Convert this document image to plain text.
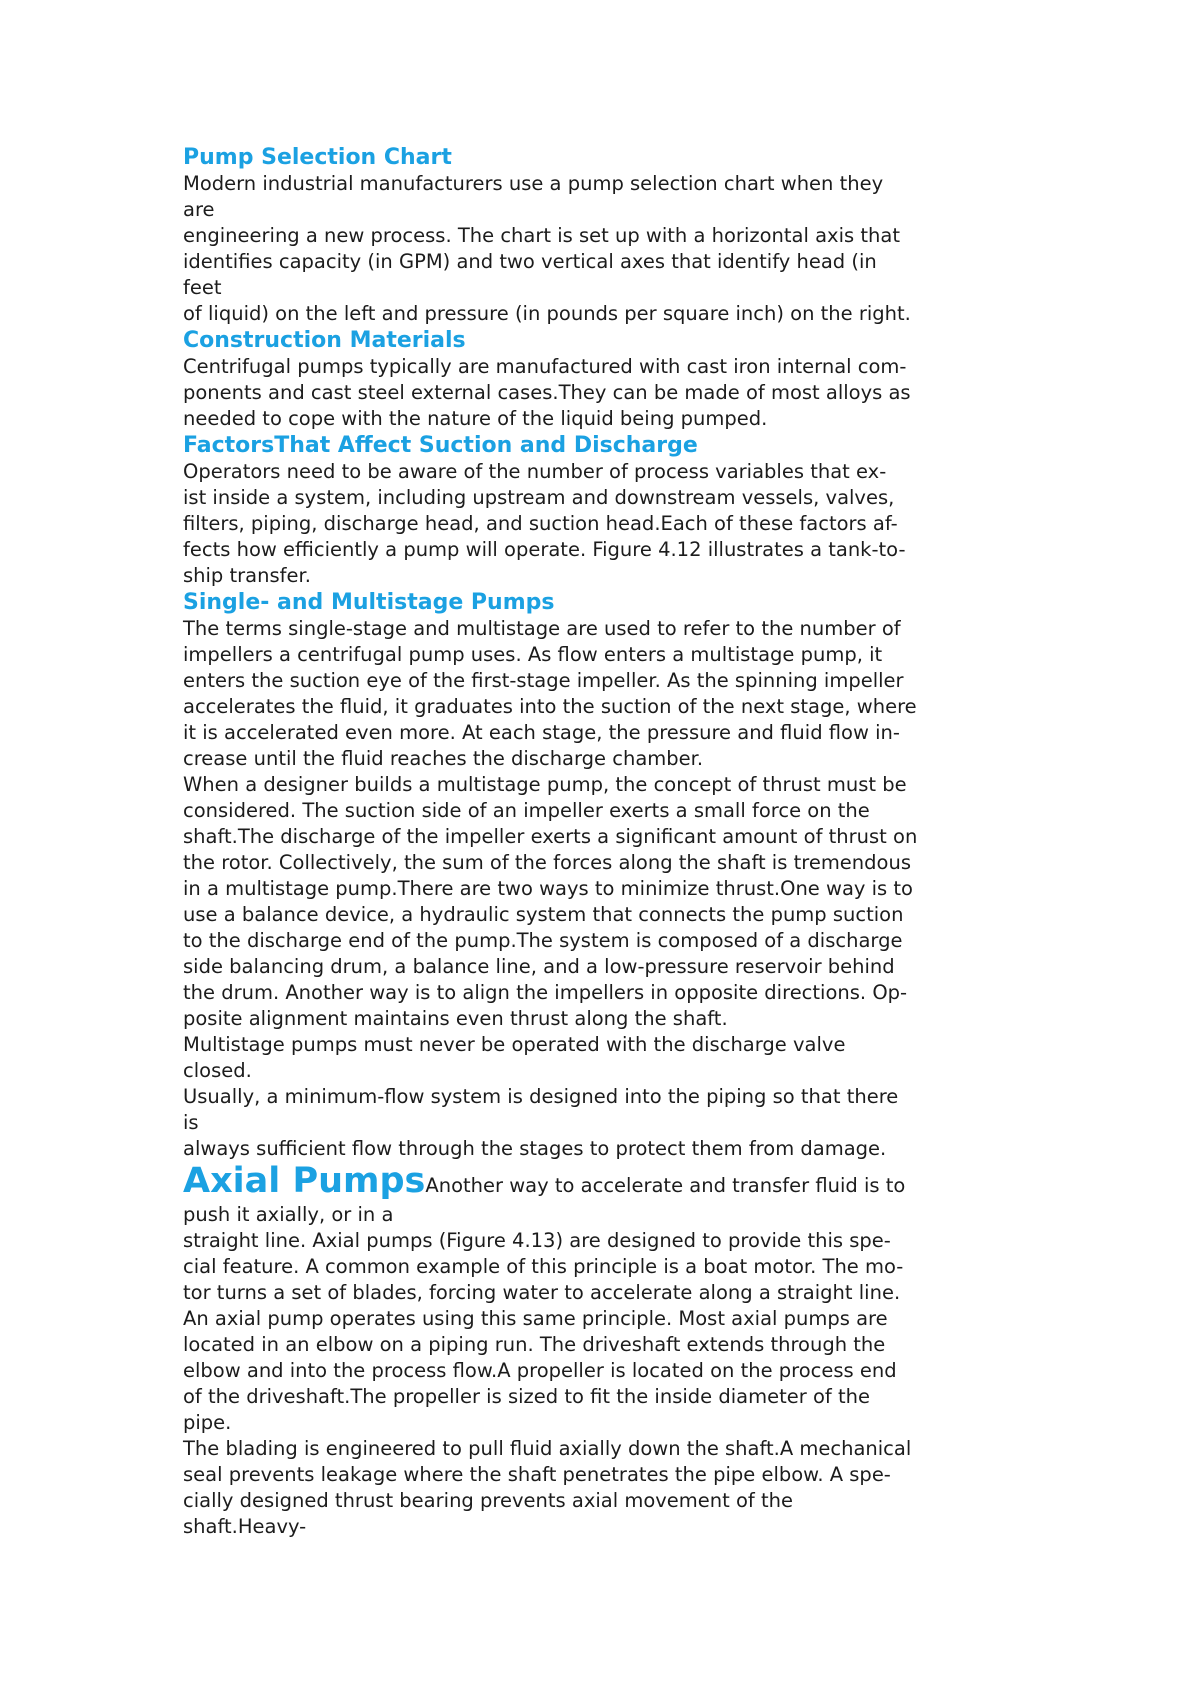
Pump Selection Chart
Modern industrial manufacturers use a pump selection chart when they
are
engineering a new process. The chart is set up with a horizontal axis that
identifies capacity (in GPM) and two vertical axes that identify head (in
feet
of liquid) on the left and pressure (in pounds per square inch) on the right.
Construction Materials
Centrifugal pumps typically are manufactured with cast iron internal com-
ponents and cast steel external cases.They can be made of most alloys as
needed to cope with the nature of the liquid being pumped.
FactorsThat Affect Suction and Discharge
Operators need to be aware of the number of process variables that ex-
ist inside a system, including upstream and downstream vessels, valves,
filters, piping, discharge head, and suction head.Each of these factors af-
fects how efficiently a pump will operate. Figure 4.12 illustrates a tank-to-
ship transfer.
Single- and Multistage Pumps
The terms single-stage and multistage are used to refer to the number of
impellers a centrifugal pump uses. As flow enters a multistage pump, it
enters the suction eye of the first-stage impeller. As the spinning impeller
accelerates the fluid, it graduates into the suction of the next stage, where
it is accelerated even more. At each stage, the pressure and fluid flow in-
crease until the fluid reaches the discharge chamber.
When a designer builds a multistage pump, the concept of thrust must be
considered. The suction side of an impeller exerts a small force on the
shaft.The discharge of the impeller exerts a significant amount of thrust on
the rotor. Collectively, the sum of the forces along the shaft is tremendous
in a multistage pump.There are two ways to minimize thrust.One way is to
use a balance device, a hydraulic system that connects the pump suction
to the discharge end of the pump.The system is composed of a discharge
side balancing drum, a balance line, and a low-pressure reservoir behind
the drum. Another way is to align the impellers in opposite directions. Op-
posite alignment maintains even thrust along the shaft.
Multistage pumps must never be operated with the discharge valve
closed.
Usually, a minimum-flow system is designed into the piping so that there
is
always sufficient flow through the stages to protect them from damage.
Axial PumpsAnother way to accelerate and transfer fluid is to
push it axially, or in a
straight line. Axial pumps (Figure 4.13) are designed to provide this spe-
cial feature. A common example of this principle is a boat motor. The mo-
tor turns a set of blades, forcing water to accelerate along a straight line.
An axial pump operates using this same principle. Most axial pumps are
located in an elbow on a piping run. The driveshaft extends through the
elbow and into the process flow.A propeller is located on the process end
of the driveshaft.The propeller is sized to fit the inside diameter of the
pipe.
The blading is engineered to pull fluid axially down the shaft.A mechanical
seal prevents leakage where the shaft penetrates the pipe elbow. A spe-
cially designed thrust bearing prevents axial movement of the
shaft.Heavy-
